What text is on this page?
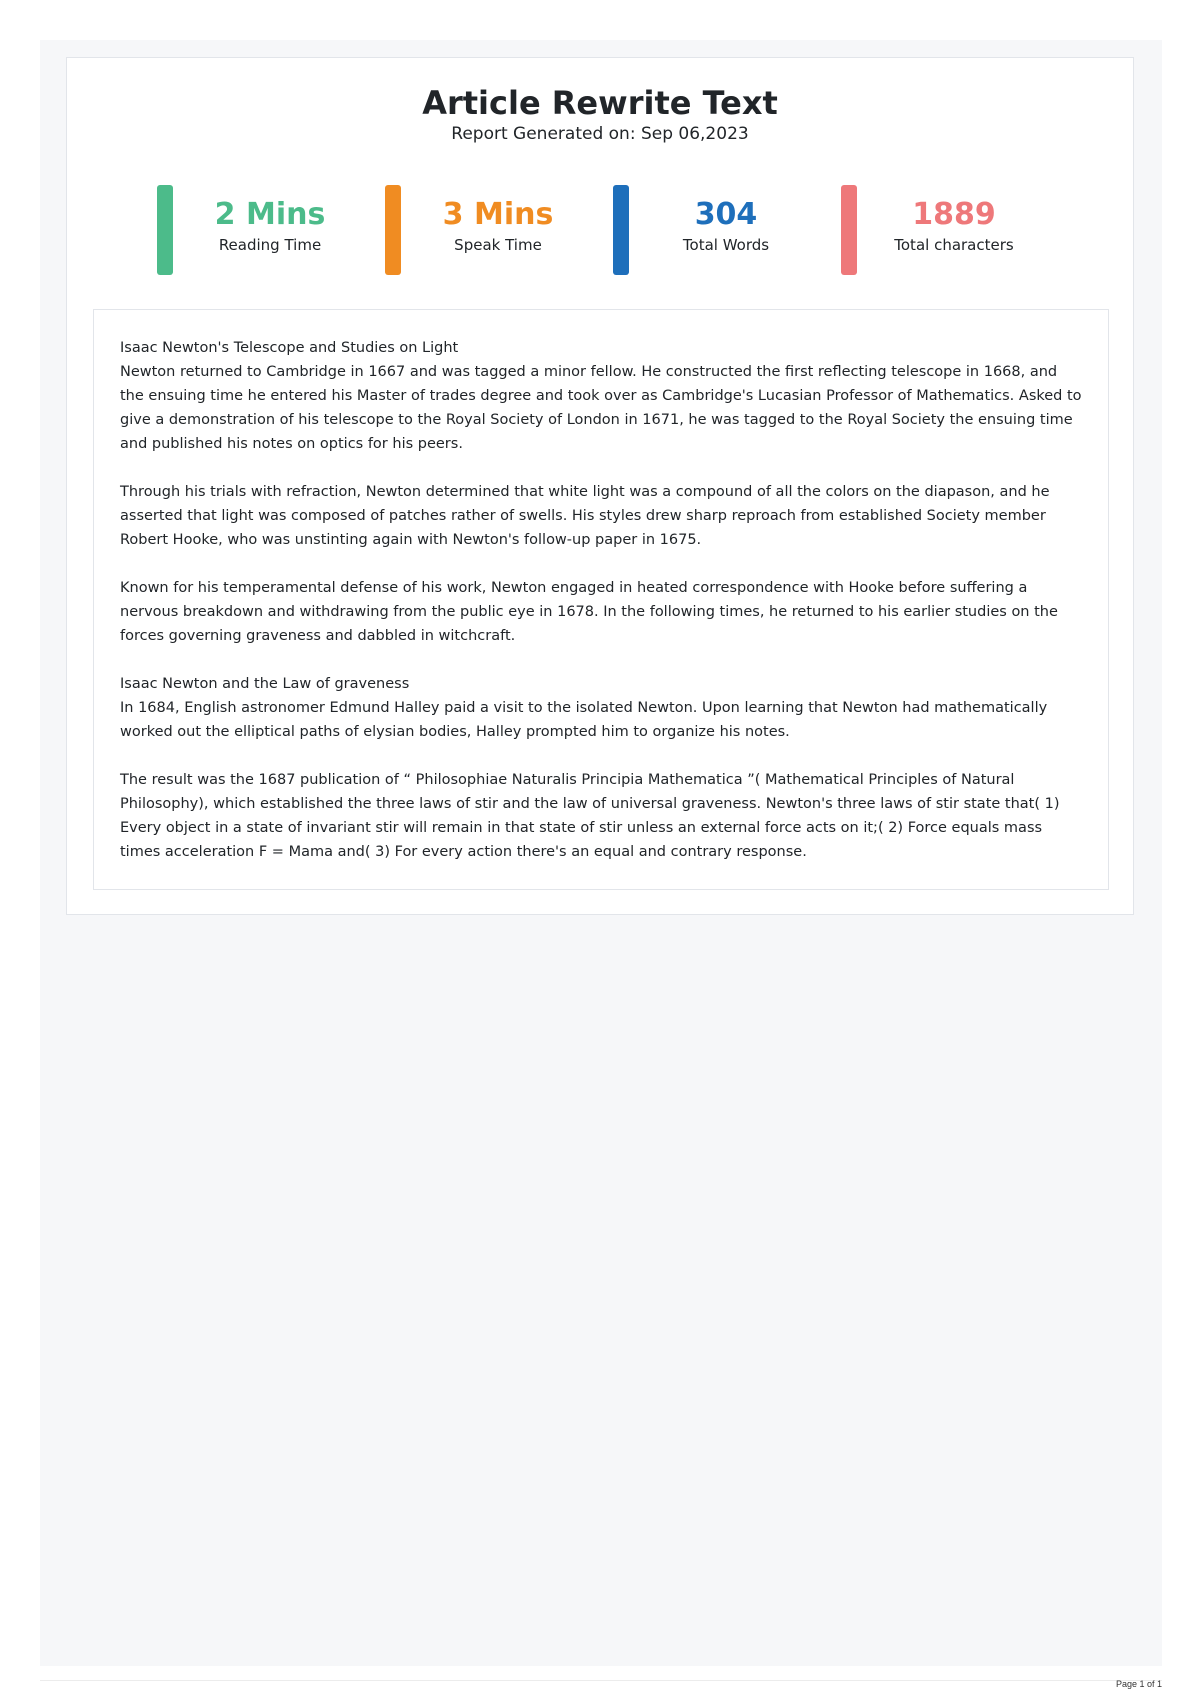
Article Rewrite Text

Report Generated on: Sep 06,2023

2 Mins
Reading Time
3 Mins
Speak Time
304
Total Words
1889
Total characters

Isaac Newton's Telescope and Studies on Light
Newton returned to Cambridge in 1667 and was tagged a minor fellow. He constructed the first reflecting telescope in 1668, and the ensuing time he entered his Master of trades degree and took over as Cambridge's Lucasian Professor of Mathematics. Asked to give a demonstration of his telescope to the Royal Society of London in 1671, he was tagged to the Royal Society the ensuing time and published his notes on optics for his peers.

Through his trials with refraction, Newton determined that white light was a compound of all the colors on the diapason, and he asserted that light was composed of patches rather of swells. His styles drew sharp reproach from established Society member Robert Hooke, who was unstinting again with Newton's follow-up paper in 1675.

Known for his temperamental defense of his work, Newton engaged in heated correspondence with Hooke before suffering a nervous breakdown and withdrawing from the public eye in 1678. In the following times, he returned to his earlier studies on the forces governing graveness and dabbled in witchcraft.

Isaac Newton and the Law of graveness
In 1684, English astronomer Edmund Halley paid a visit to the isolated Newton. Upon learning that Newton had mathematically worked out the elliptical paths of elysian bodies, Halley prompted him to organize his notes.

The result was the 1687 publication of “ Philosophiae Naturalis Principia Mathematica ”( Mathematical Principles of Natural Philosophy), which established the three laws of stir and the law of universal graveness. Newton's three laws of stir state that( 1) Every object in a state of invariant stir will remain in that state of stir unless an external force acts on it;( 2) Force equals mass times acceleration F = Mama and( 3) For every action there's an equal and contrary response.

Page 1 of 1
